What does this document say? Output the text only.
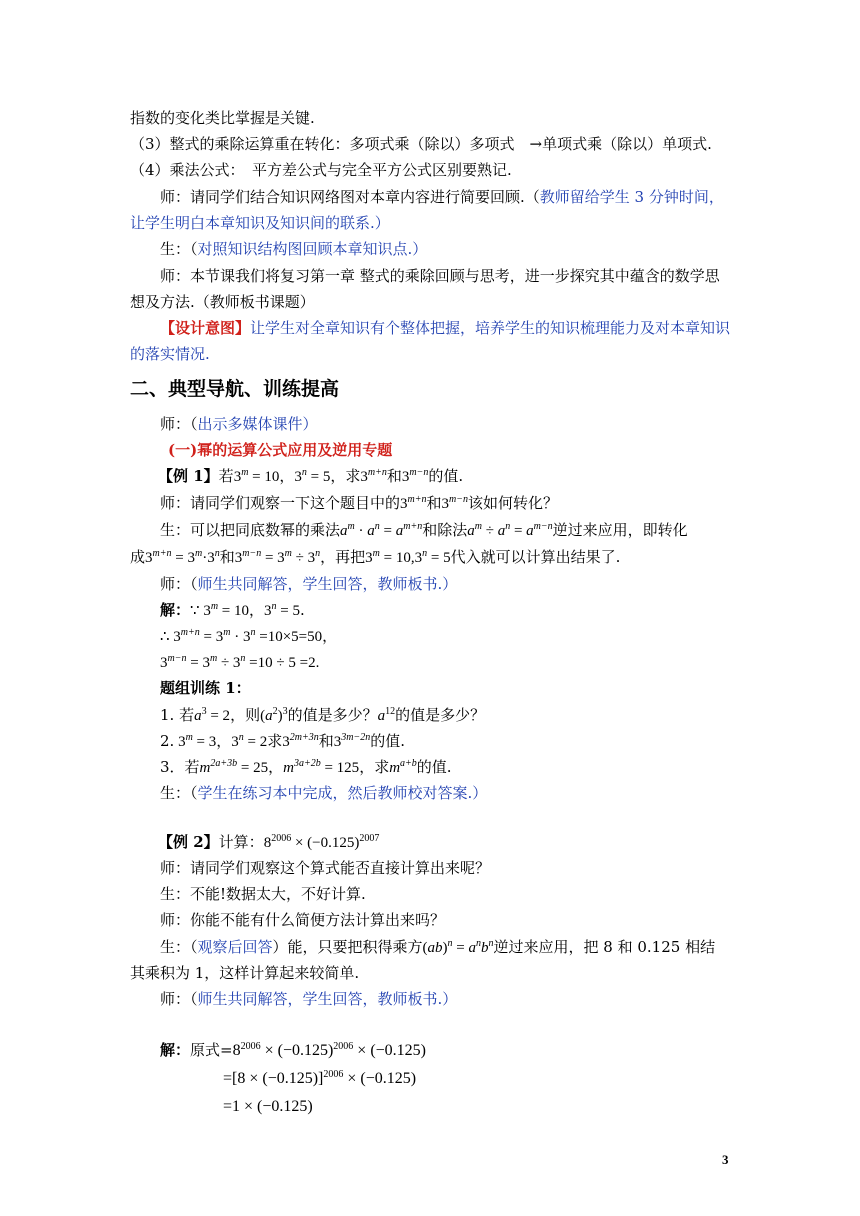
指数的变化类比掌握是关键.
（3）整式的乘除运算重在转化：多项式乘（除以）多项式　→单项式乘（除以）单项式.
（4）乘法公式：　平方差公式与完全平方公式区别要熟记.
师：请同学们结合知识网络图对本章内容进行简要回顾.（教师留给学生 3 分钟时间，
让学生明白本章知识及知识间的联系.）
生：（对照知识结构图回顾本章知识点.）
师：本节课我们将复习第一章 整式的乘除回顾与思考，进一步探究其中蕴含的数学思
想及方法.（教师板书课题）
【设计意图】让学生对全章知识有个整体把握，培养学生的知识梳理能力及对本章知识
的落实情况.
二、典型导航、训练提高
师：（出示多媒体课件）
(一)幂的运算公式应用及逆用专题
【例 1】若$3^m = 10$，$3^n = 5$，求$3^{m+n}$和$3^{m-n}$的值.
师：请同学们观察一下这个题目中的$3^{m+n}$和$3^{m-n}$该如何转化？
生：可以把同底数幂的乘法$a^m \cdot a^n = a^{m+n}$和除法$a^m \div a^n = a^{m-n}$逆过来应用，即转化
成$3^{m+n} = 3^m\cdot 3^n$和$3^{m-n} = 3^m \div 3^n$，再把$3^m = 10,3^n = 5$代入就可以计算出结果了.
师：（师生共同解答，学生回答，教师板书.）
解：∵ $3^m = 10$，$3^n = 5$.
∴ $3^{m+n} = 3^m \cdot 3^n =10\times 5=50$，
$3^{m-n} = 3^m \div 3^n =10 \div 5 =2$.
题组训练 1：
1. 若$a^3 = 2$，则$(a^2)^3$的值是多少？$a^{12}$的值是多少？
2. $3^m = 3$，$3^n = 2$求$3^{2m+3n}$和$3^{3m-2n}$的值.
3．若$m^{2a+3b} = 25$，$m^{3a+2b} = 125$，求$m^{a+b}$的值.
生：（学生在练习本中完成，然后教师校对答案.）
【例 2】计算：$8^{2006} \times (-0.125)^{2007}$
师：请同学们观察这个算式能否直接计算出来呢？
生：不能!数据太大，不好计算.
师：你能不能有什么简便方法计算出来吗？
生：（观察后回答）能，只要把积得乘方$(ab)^n = a^nb^n$逆过来应用，把 8 和 0.125 相结
其乘积为 1，这样计算起来较简单.
师：（师生共同解答，学生回答，教师板书.）
解：原式$=8^{2006} \times (-0.125)^{2006} \times (-0.125)$
$=[8 \times (-0.125)]^{2006} \times (-0.125)$
=1 × (−0.125)
3
